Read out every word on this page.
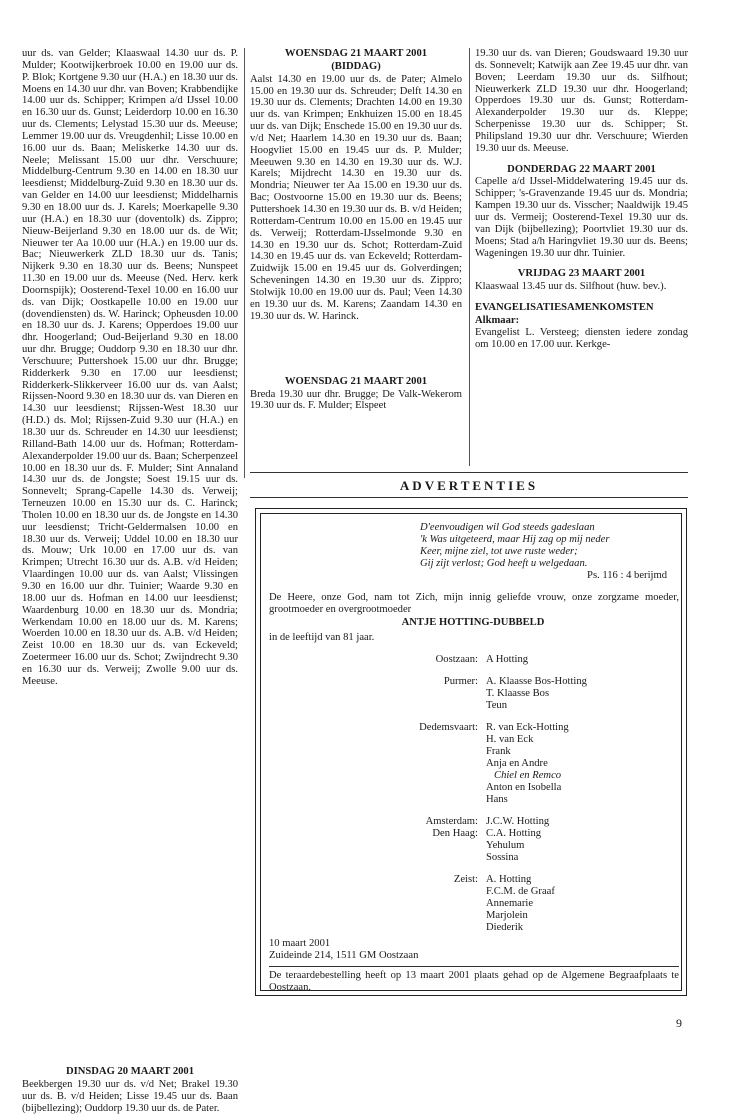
uur ds. van Gelder; Klaaswaal 14.30 uur ds. P. Mulder; Kootwijkerbroek 10.00 en 19.00 uur ds. P. Blok; Kortgene 9.30 uur (H.A.) en 18.30 uur ds. Moens en 14.30 uur dhr. van Boven; Krabbendijke 14.00 uur ds. Schipper; Krimpen a/d IJssel 10.00 en 16.30 uur ds. Gunst; Leiderdorp 10.00 en 16.30 uur ds. Clements; Lelystad 15.30 uur ds. Meeuse; Lemmer 19.00 uur ds. Vreugdenhil; Lisse 10.00 en 16.00 uur ds. Baan; Meliskerke 14.30 uur ds. Neele; Melissant 15.00 uur dhr. Verschuure; Middelburg-Centrum 9.30 en 14.00 en 18.30 uur leesdienst; Middelburg-Zuid 9.30 en 18.30 uur ds. van Gelder en 14.00 uur leesdienst; Middelharnis 9.30 en 18.00 uur ds. J. Karels; Moerkapelle 9.30 uur (H.A.) en 18.30 uur (doventolk) ds. Zippro; Nieuw-Beijerland 9.30 en 18.00 uur ds. de Wit; Nieuwer ter Aa 10.00 uur (H.A.) en 19.00 uur ds. Bac; Nieuwerkerk ZLD 18.30 uur ds. Tanis; Nijkerk 9.30 en 18.30 uur ds. Beens; Nunspeet 11.30 en 19.00 uur ds. Meeuse (Ned. Herv. kerk Doornspijk); Oosterend-Texel 10.00 en 16.00 uur ds. van Dijk; Oostkapelle 10.00 en 19.00 uur (dovendiensten) ds. W. Harinck; Opheusden 10.00 en 18.30 uur ds. J. Karens; Opperdoes 19.00 uur dhr. Hoogerland; Oud-Beijerland 9.30 en 18.00 uur dhr. Brugge; Ouddorp 9.30 en 18.30 uur dhr. Verschuure; Puttershoek 15.00 uur dhr. Brugge; Ridderkerk 9.30 en 17.00 uur leesdienst; Ridderkerk-Slikkerveer 16.00 uur ds. van Aalst; Rijssen-Noord 9.30 en 18.30 uur ds. van Dieren en 14.30 uur leesdienst; Rijssen-West 18.30 uur (H.D.) ds. Mol; Rijssen-Zuid 9.30 uur (H.A.) en 18.30 uur ds. Schreuder en 14.30 uur leesdienst; Rilland-Bath 14.00 uur ds. Hofman; Rotterdam-Alexanderpolder 19.00 uur ds. Baan; Scherpenzeel 10.00 en 18.30 uur ds. F. Mulder; Sint Annaland 14.30 uur ds. de Jongste; Soest 19.15 uur ds. Sonnevelt; Sprang-Capelle 14.30 ds. Verweij; Terneuzen 10.00 en 15.30 uur ds. C. Harinck; Tholen 10.00 en 18.30 uur ds. de Jongste en 14.30 uur leesdienst; Tricht-Geldermalsen 10.00 en 18.30 uur ds. Verweij; Uddel 10.00 en 18.30 uur ds. Mouw; Urk 10.00 en 17.00 uur ds. van Krimpen; Utrecht 16.30 uur ds. A.B. v/d Heiden; Vlaardingen 10.00 uur ds. van Aalst; Vlissingen 9.30 en 16.00 uur dhr. Tuinier; Waarde 9.30 en 18.00 uur ds. Hofman en 14.00 uur leesdienst; Waardenburg 10.00 en 18.30 uur ds. Mondria; Werkendam 10.00 en 18.00 uur ds. M. Karens; Woerden 10.00 en 18.30 uur ds. A.B. v/d Heiden; Zeist 10.00 en 18.30 uur ds. van Eckeveld; Zoetermeer 16.00 uur ds. Schot; Zwijndrecht 9.30 en 16.30 uur ds. Verweij; Zwolle 9.00 uur ds. Meeuse.

DINSDAG 20 MAART 2001

Beekbergen 19.30 uur ds. v/d Net; Brakel 19.30 uur ds. B. v/d Heiden; Lisse 19.45 uur ds. Baan (bijbellezing); Ouddorp 19.30 uur ds. de Pater.

WOENSDAG 21 MAART 2001
(BIDDAG)

Aalst 14.30 en 19.00 uur ds. de Pater; Almelo 15.00 en 19.30 uur ds. Schreuder; Delft 14.30 en 19.30 uur ds. Clements; Drachten 14.00 en 19.30 uur ds. van Krimpen; Enkhuizen 15.00 en 18.45 uur ds. van Dijk; Enschede 15.00 en 19.30 uur ds. v/d Net; Haarlem 14.30 en 19.30 uur ds. Baan; Hoogvliet 15.00 en 19.45 uur ds. P. Mulder; Meeuwen 9.30 en 14.30 en 19.30 uur ds. W.J. Karels; Mijdrecht 14.30 en 19.30 uur ds. Mondria; Nieuwer ter Aa 15.00 en 19.30 uur ds. Bac; Oostvoorne 15.00 en 19.30 uur ds. Beens; Puttershoek 14.30 en 19.30 uur ds. B. v/d Heiden; Rotterdam-Centrum 10.00 en 15.00 en 19.45 uur ds. Verweij; Rotterdam-IJsselmonde 9.30 en 14.30 en 19.30 uur ds. Schot; Rotterdam-Zuid 14.30 en 19.45 uur ds. van Eckeveld; Rotterdam-Zuidwijk 15.00 en 19.45 uur ds. Golverdingen; Scheveningen 14.30 en 19.30 uur ds. Zippro; Stolwijk 10.00 en 19.00 uur ds. Paul; Veen 14.30 en 19.30 uur ds. M. Karens; Zaandam 14.30 en 19.30 uur ds. W. Harinck.

WOENSDAG 21 MAART 2001

Breda 19.30 uur dhr. Brugge; De Valk-Wekerom 19.30 uur ds. F. Mulder; Elspeet

19.30 uur ds. van Dieren; Goudswaard 19.30 uur ds. Sonnevelt; Katwijk aan Zee 19.45 uur dhr. van Boven; Leerdam 19.30 uur ds. Silfhout; Nieuwerkerk ZLD 19.30 uur dhr. Hoogerland; Opperdoes 19.30 uur ds. Gunst; Rotterdam-Alexanderpolder 19.30 uur ds. Kleppe; Scherpenisse 19.30 uur ds. Schipper; St. Philipsland 19.30 uur dhr. Verschuure; Wierden 19.30 uur ds. Meeuse.

DONDERDAG 22 MAART 2001

Capelle a/d IJssel-Middelwatering 19.45 uur ds. Schipper; 's-Gravenzande 19.45 uur ds. Mondria; Kampen 19.30 uur ds. Visscher; Naaldwijk 19.45 uur ds. Vermeij; Oosterend-Texel 19.30 uur ds. van Dijk (bijbellezing); Poortvliet 19.30 uur ds. Moens; Stad a/h Haringvliet 19.30 uur ds. Beens; Wageningen 19.30 uur dhr. Tuinier.

VRIJDAG 23 MAART 2001

Klaaswaal 13.45 uur ds. Silfhout (huw. bev.).

EVANGELISATIESAMENKOMSTEN
Alkmaar:

Evangelist L. Versteeg; diensten iedere zondag om 10.00 en 17.00 uur. Kerkge-

ADVERTENTIES
D'eenvoudigen wil God steeds gadeslaan
'k Was uitgeteerd, maar Hij zag op mij neder
Keer, mijne ziel, tot uwe ruste weder;
Gij zijt verlost; God heeft u welgedaan.
Ps. 116 : 4 berijmd
De Heere, onze God, nam tot Zich, mijn innig geliefde vrouw, onze zorgzame moeder, grootmoeder en overgrootmoeder
ANTJE HOTTING-DUBBELD
in de leeftijd van 81 jaar.
Oostzaan: A Hotting
Purmer: A. Klaasse Bos-Hotting
T. Klaasse Bos
Teun
Dedemsvaart: R. van Eck-Hotting
H. van Eck
Frank
Anja en Andre
Chiel en Remco
Anton en Isobella
Hans
Amsterdam: J.C.W. Hotting
Den Haag: C.A. Hotting
Yehulum
Sossina
Zeist: A. Hotting
F.C.M. de Graaf
Annemarie
Marjolein
Diederik
10 maart 2001
Zuideinde 214, 1511 GM Oostzaan
De teraardebestelling heeft op 13 maart 2001 plaats gehad op de Algemene Begraafplaats te Oostzaan.
9
